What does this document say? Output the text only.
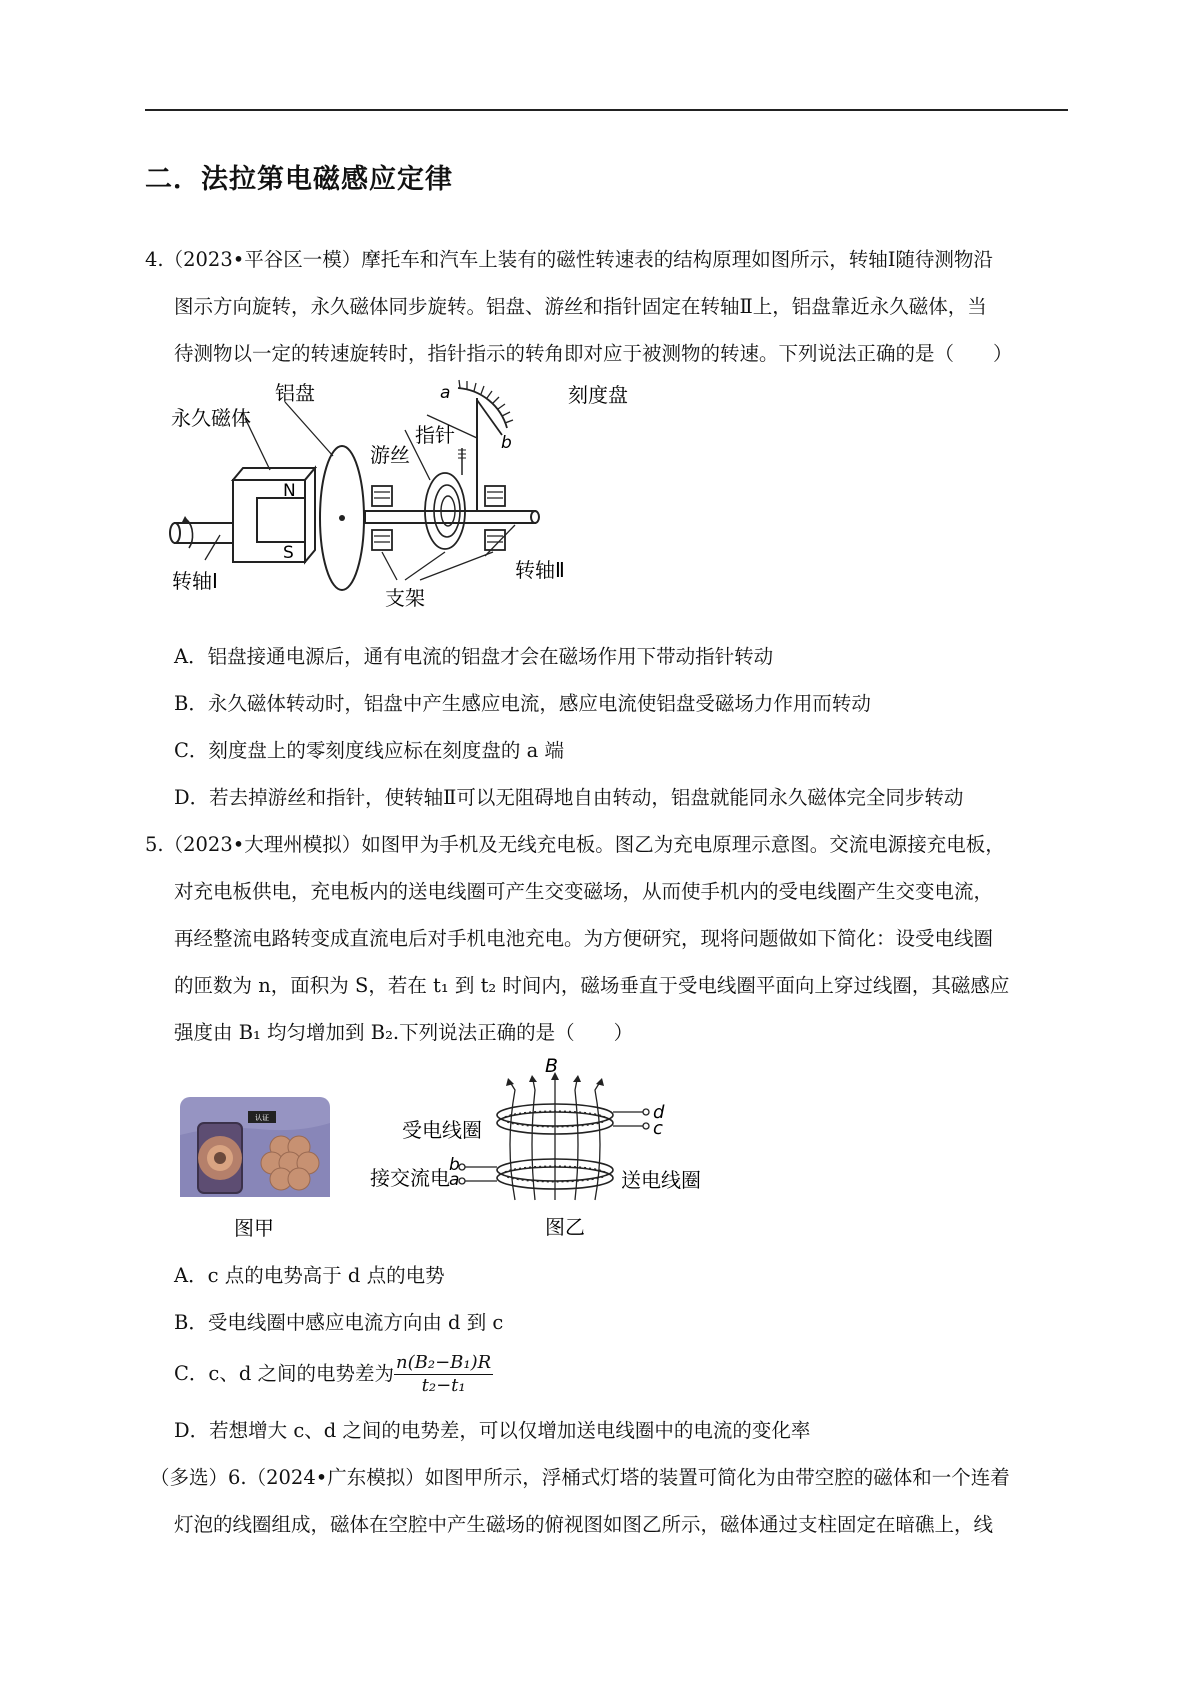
二．法拉第电磁感应定律
4.（2023•平谷区一模）摩托车和汽车上装有的磁性转速表的结构原理如图所示，转轴Ⅰ随待测物沿
图示方向旋转，永久磁体同步旋转。铝盘、游丝和指针固定在转轴Ⅱ上，铝盘靠近永久磁体，当
待测物以一定的转速旋转时，指针指示的转角即对应于被测物的转速。下列说法正确的是（　　）
N
S
a
b
永久磁体
铝盘
游丝
指针
刻度盘
转轴Ⅰ	转轴Ⅱ
支架
A．铝盘接通电源后，通有电流的铝盘才会在磁场作用下带动指针转动
B．永久磁体转动时，铝盘中产生感应电流，感应电流使铝盘受磁场力作用而转动
C．刻度盘上的零刻度线应标在刻度盘的 a 端
D．若去掉游丝和指针，使转轴Ⅱ可以无阻碍地自由转动，铝盘就能同永久磁体完全同步转动
5.（2023•大理州模拟）如图甲为手机及无线充电板。图乙为充电原理示意图。交流电源接充电板，
对充电板供电，充电板内的送电线圈可产生交变磁场，从而使手机内的受电线圈产生交变电流，
再经整流电路转变成直流电后对手机电池充电。为方便研究，现将问题做如下简化：设受电线圈
的匝数为 n，面积为 S，若在 t₁ 到 t₂ 时间内，磁场垂直于受电线圈平面向上穿过线圈，其磁感应
强度由 B₁ 均匀增加到 B₂.下列说法正确的是（　　）
认证
图甲
B
d
c
b
a
受电线圈
接交流电	送电线圈
图乙
A．c 点的电势高于 d 点的电势
B．受电线圈中感应电流方向由 d 到 c
C．c、d 之间的电势差为 $\frac{\text{n(B₂−B₁)R}}{\text{t₂−t₁}}$
D．若想增大 c、d 之间的电势差，可以仅增加送电线圈中的电流的变化率
（多选）6.（2024•广东模拟）如图甲所示，浮桶式灯塔的装置可简化为由带空腔的磁体和一个连着
灯泡的线圈组成，磁体在空腔中产生磁场的俯视图如图乙所示，磁体通过支柱固定在暗礁上，线
